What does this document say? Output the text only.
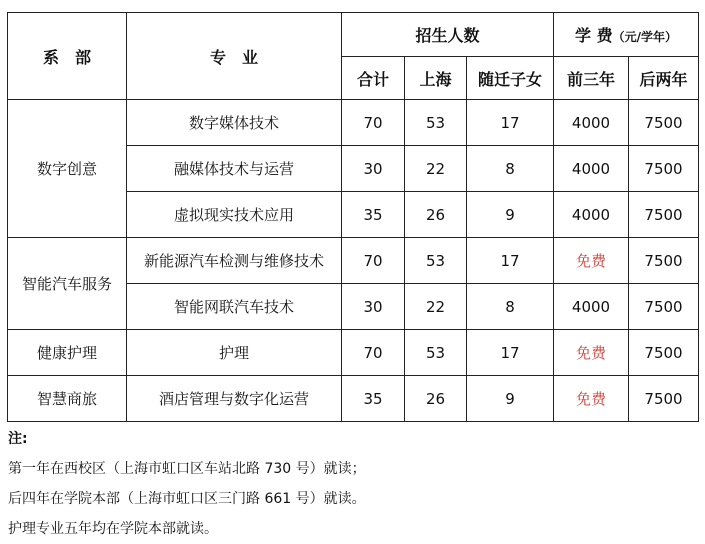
系　部	专　业	招生人数			学 费（元/学年）	
		合计	上海	随迁子女	前三年	后两年
数字创意	数字媒体技术	70	53	17	4000	7500
	融媒体技术与运营	30	22	8	4000	7500
	虚拟现实技术应用	35	26	9	4000	7500
智能汽车服务	新能源汽车检测与维修技术	70	53	17	免费	7500
	智能网联汽车技术	30	22	8	4000	7500
健康护理	护理	70	53	17	免费	7500
智慧商旅	酒店管理与数字化运营	35	26	9	免费	7500
注:
第一年在西校区（上海市虹口区车站北路 730 号）就读；
后四年在学院本部（上海市虹口区三门路 661 号）就读。
护理专业五年均在学院本部就读。
